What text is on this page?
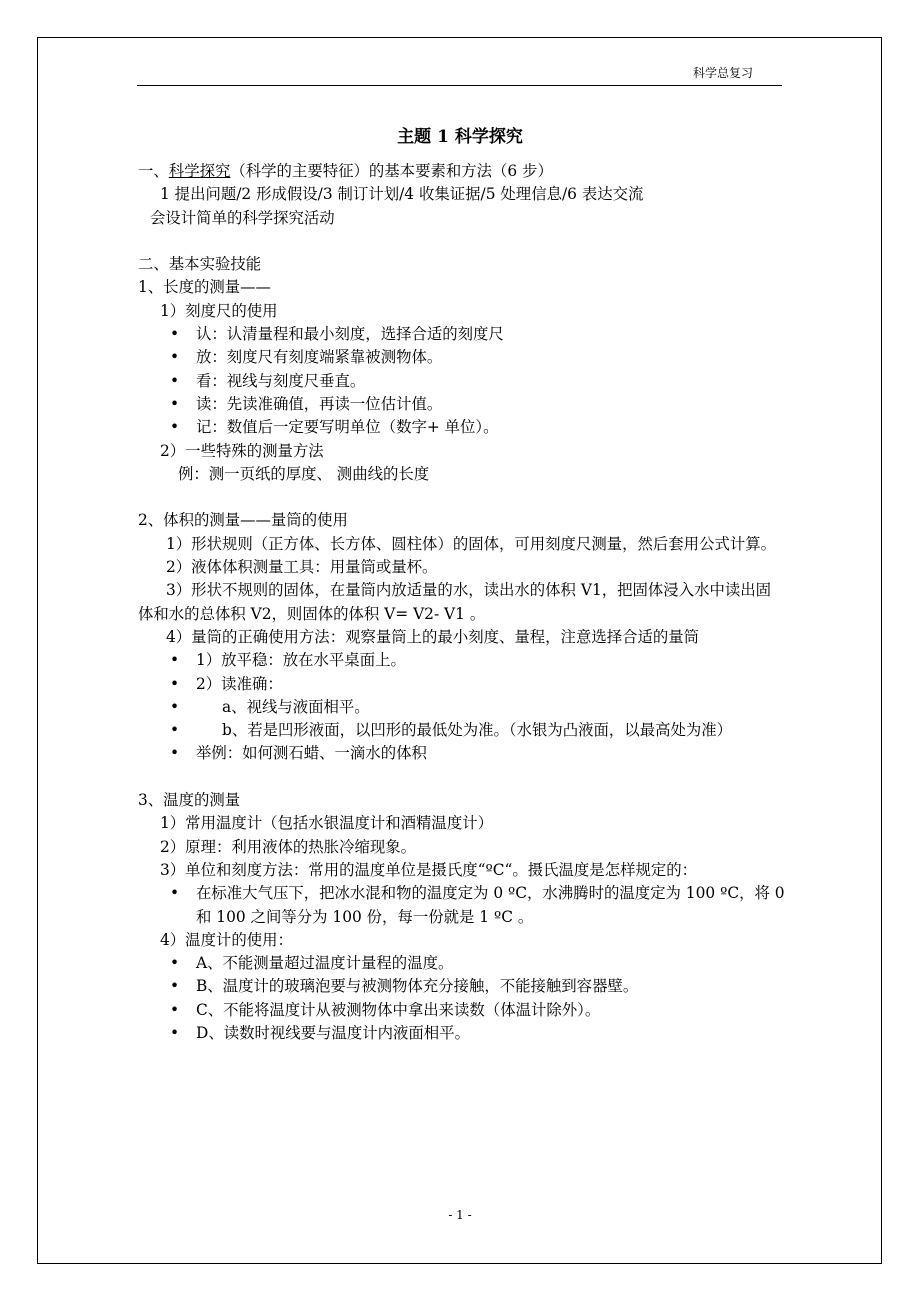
科学总复习
主题 1 科学探究
一、科学探究（科学的主要特征）的基本要素和方法（6 步）
1 提出问题/2 形成假设/3 制订计划/4 收集证据/5 处理信息/6 表达交流
会设计简单的科学探究活动
二、基本实验技能
1、长度的测量——
1）刻度尺的使用
• 认：认清量程和最小刻度，选择合适的刻度尺
• 放：刻度尺有刻度端紧靠被测物体。
• 看：视线与刻度尺垂直。
• 读：先读准确值，再读一位估计值。
• 记：数值后一定要写明单位（数字+ 单位）。
2）一些特殊的测量方法
例：测一页纸的厚度、 测曲线的长度
2、体积的测量——量筒的使用
1）形状规则（正方体、长方体、圆柱体）的固体，可用刻度尺测量，然后套用公式计算。
2）液体体积测量工具：用量筒或量杯。
3）形状不规则的固体，在量筒内放适量的水，读出水的体积 V1，把固体浸入水中读出固体和水的总体积 V2，则固体的体积 V= V2- V1 。
4）量筒的正确使用方法：观察量筒上的最小刻度、量程，注意选择合适的量筒
• 1）放平稳：放在水平桌面上。
• 2）读准确：
•	a、视线与液面相平。
•	b、若是凹形液面，以凹形的最低处为准。（水银为凸液面，以最高处为准）
• 举例：如何测石蜡、一滴水的体积
3、温度的测量
1）常用温度计（包括水银温度计和酒精温度计）
2）原理：利用液体的热胀冷缩现象。
3）单位和刻度方法：常用的温度单位是摄氏度“ºC“。摄氏温度是怎样规定的：
• 在标准大气压下，把冰水混和物的温度定为 0 ºC，水沸腾时的温度定为 100 ºC，将 0 和 100 之间等分为 100 份，每一份就是 1 ºC 。
4）温度计的使用：
• A、不能测量超过温度计量程的温度。
• B、温度计的玻璃泡要与被测物体充分接触，不能接触到容器壁。
• C、不能将温度计从被测物体中拿出来读数（体温计除外）。
• D、读数时视线要与温度计内液面相平。
- 1 -
